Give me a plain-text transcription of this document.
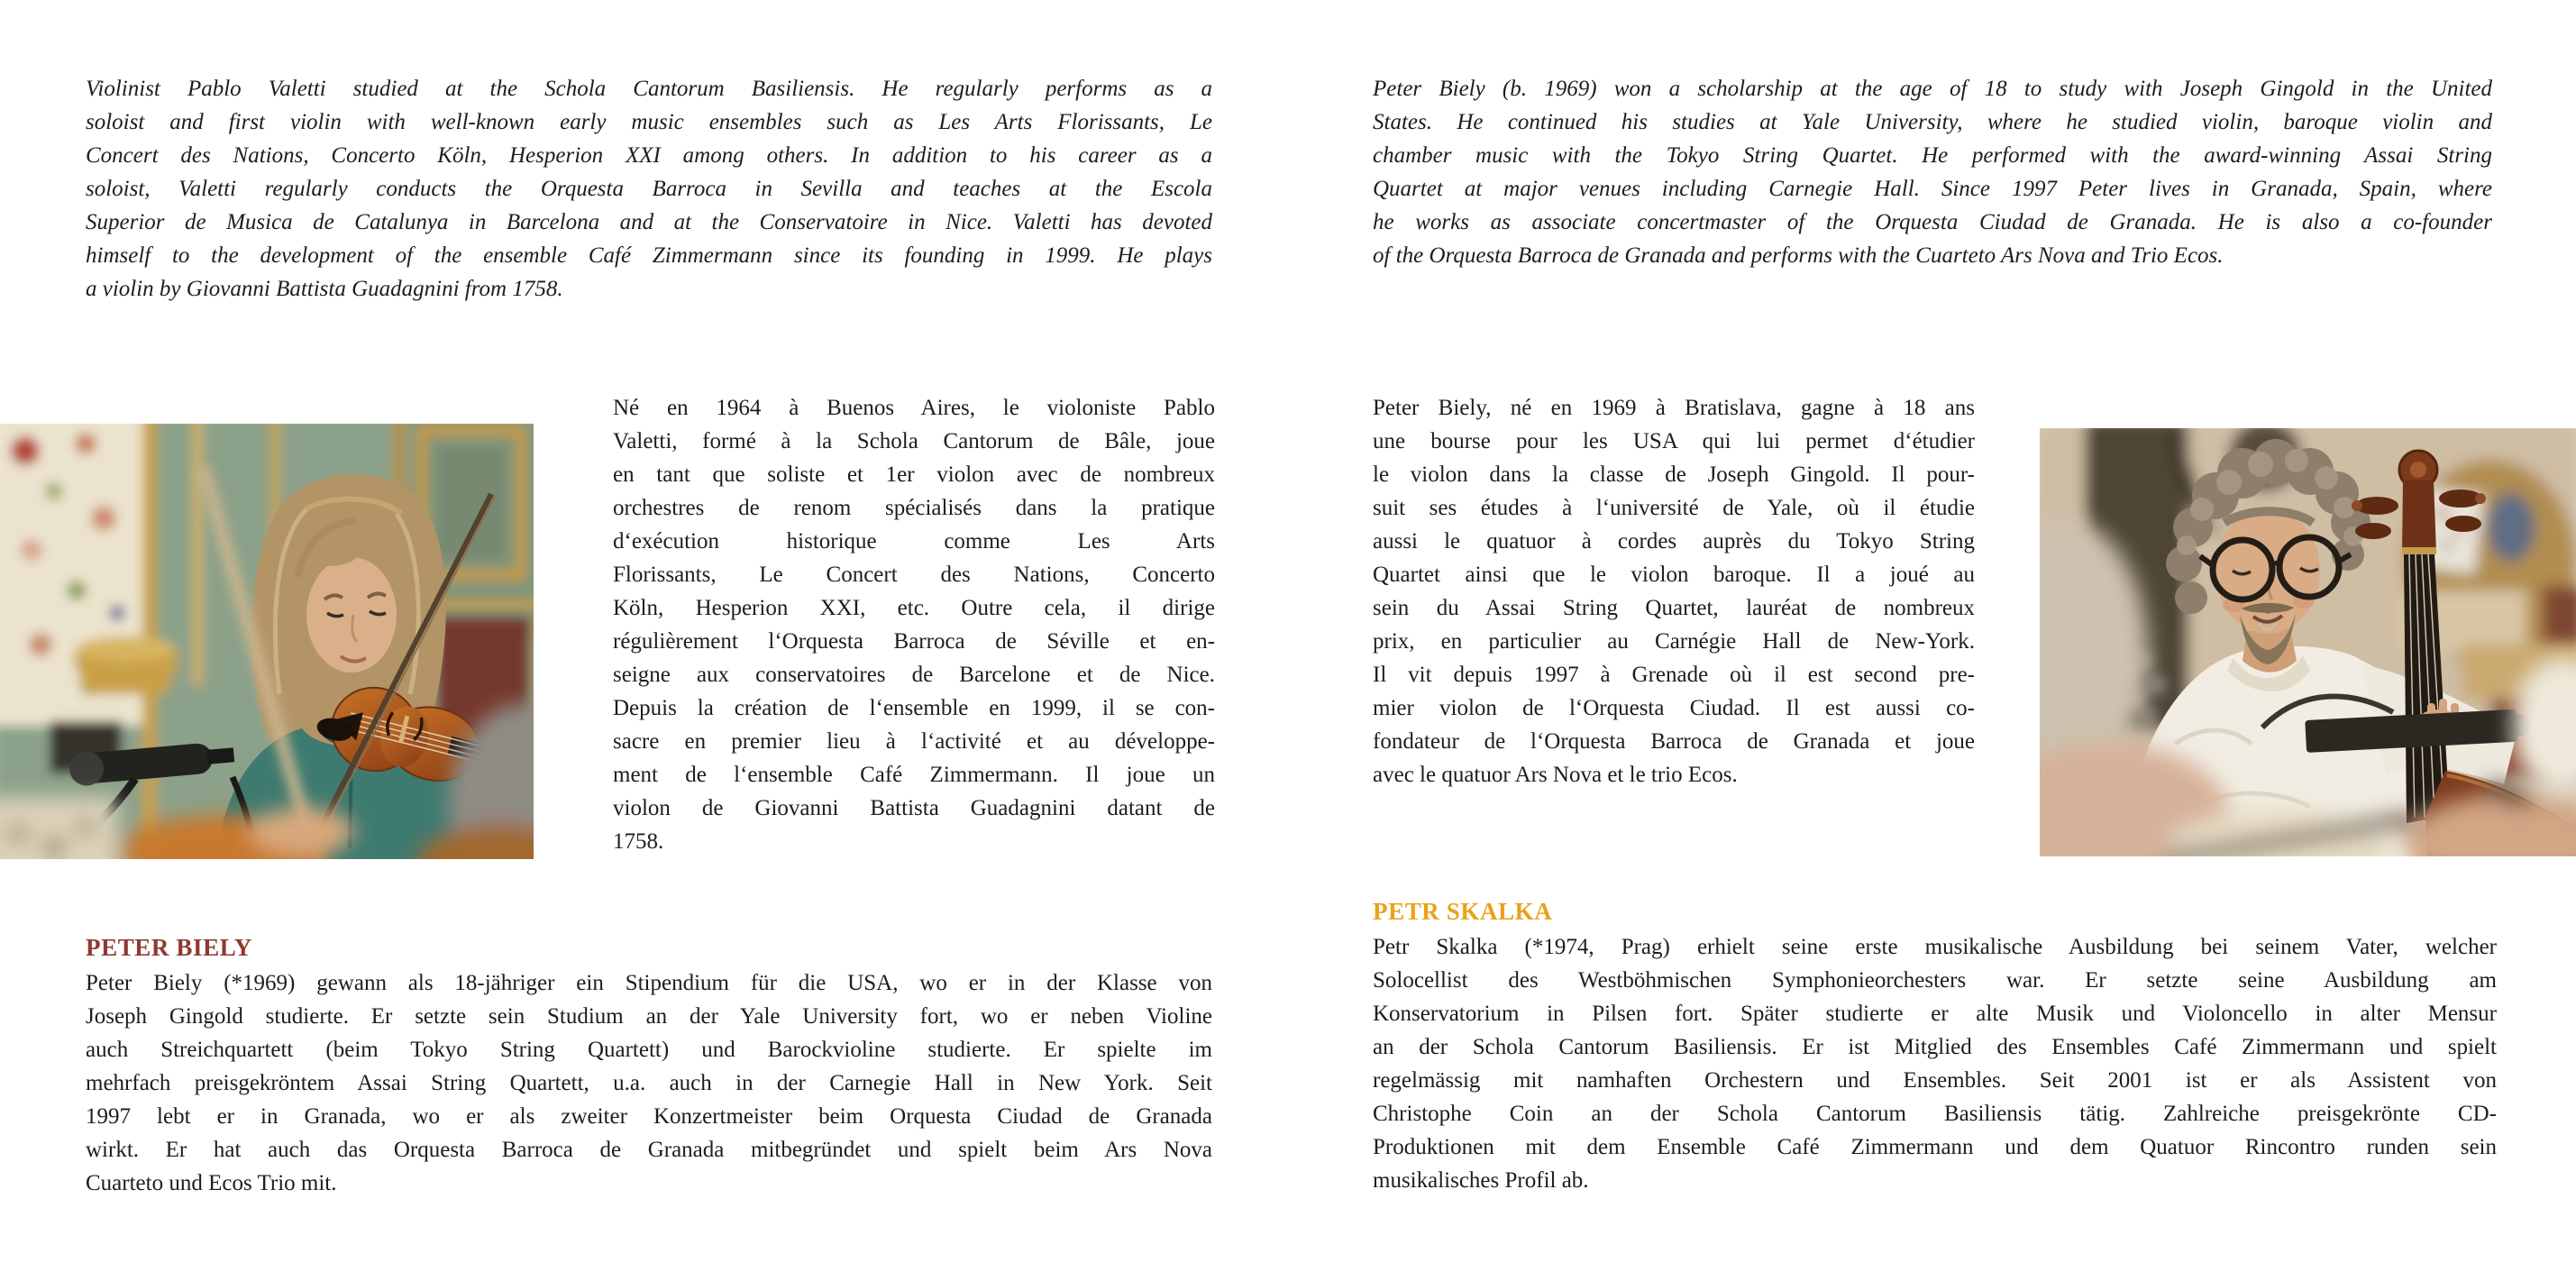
Violinist Pablo Valetti studied at the Schola Cantorum Basiliensis. He regularly performs as a
soloist and first violin with well-known early music ensembles such as Les Arts Florissants, Le
Concert des Nations, Concerto Köln, Hesperion XXI among others. In addition to his career as a
soloist, Valetti regularly conducts the Orquesta Barroca in Sevilla and teaches at the Escola
Superior de Musica de Catalunya in Barcelona and at the Conservatoire in Nice. Valetti has devoted
himself to the development of the ensemble Café Zimmermann since its founding in 1999. He plays
a violin by Giovanni Battista Guadagnini from 1758.
Né en 1964 à Buenos Aires, le violoniste Pablo
Valetti, formé à la Schola Cantorum de Bâle, joue
en tant que soliste et 1er violon avec de nombreux
orchestres de renom spécialisés dans la pratique
d‘exécution historique comme Les Arts
Florissants, Le Concert des Nations, Concerto
Köln, Hesperion XXI, etc. Outre cela, il dirige
régulièrement l‘Orquesta Barroca de Séville et en-
seigne aux conservatoires de Barcelone et de Nice.
Depuis la création de l‘ensemble en 1999, il se con-
sacre en premier lieu à l‘activité et au développe-
ment de l‘ensemble Café Zimmermann. Il joue un
violon de Giovanni Battista Guadagnini datant de
1758.
PETER BIELY
Peter Biely (*1969) gewann als 18-jähriger ein Stipendium für die USA, wo er in der Klasse von
Joseph Gingold studierte. Er setzte sein Studium an der Yale University fort, wo er neben Violine
auch Streichquartett (beim Tokyo String Quartett) und Barockvioline studierte. Er spielte im
mehrfach preisgekröntem Assai String Quartett, u.a. auch in der Carnegie Hall in New York. Seit
1997 lebt er in Granada, wo er als zweiter Konzertmeister beim Orquesta Ciudad de Granada
wirkt. Er hat auch das Orquesta Barroca de Granada mitbegründet und spielt beim Ars Nova
Cuarteto und Ecos Trio mit.
Peter Biely (b. 1969) won a scholarship at the age of 18 to study with Joseph Gingold in the United
States. He continued his studies at Yale University, where he studied violin, baroque violin and
chamber music with the Tokyo String Quartet. He performed with the award-winning Assai String
Quartet at major venues including Carnegie Hall. Since 1997 Peter lives in Granada, Spain, where
he works as associate concertmaster of the Orquesta Ciudad de Granada. He is also a co-founder
of the Orquesta Barroca de Granada and performs with the Cuarteto Ars Nova and Trio Ecos.
Peter Biely, né en 1969 à Bratislava, gagne à 18 ans
une bourse pour les USA qui lui permet d‘étudier
le violon dans la classe de Joseph Gingold. Il pour-
suit ses études à l‘université de Yale, où il étudie
aussi le quatuor à cordes auprès du Tokyo String
Quartet ainsi que le violon baroque. Il a joué au
sein du Assai String Quartet, lauréat de nombreux
prix, en particulier au Carnégie Hall de New-York.
Il vit depuis 1997 à Grenade où il est second pre-
mier violon de l‘Orquesta Ciudad. Il est aussi co-
fondateur de l‘Orquesta Barroca de Granada et joue
avec le quatuor Ars Nova et le trio Ecos.
PETR SKALKA
Petr Skalka (*1974, Prag) erhielt seine erste musikalische Ausbildung bei seinem Vater, welcher
Solocellist des Westböhmischen Symphonieorchesters war. Er setzte seine Ausbildung am
Konservatorium in Pilsen fort. Später studierte er alte Musik und Violoncello in alter Mensur
an der Schola Cantorum Basiliensis. Er ist Mitglied des Ensembles Café Zimmermann und spielt
regelmässig mit namhaften Orchestern und Ensembles. Seit 2001 ist er als Assistent von
Christophe Coin an der Schola Cantorum Basiliensis tätig. Zahlreiche preisgekrönte CD-
Produktionen mit dem Ensemble Café Zimmermann und dem Quatuor Rincontro runden sein
musikalisches Profil ab.
